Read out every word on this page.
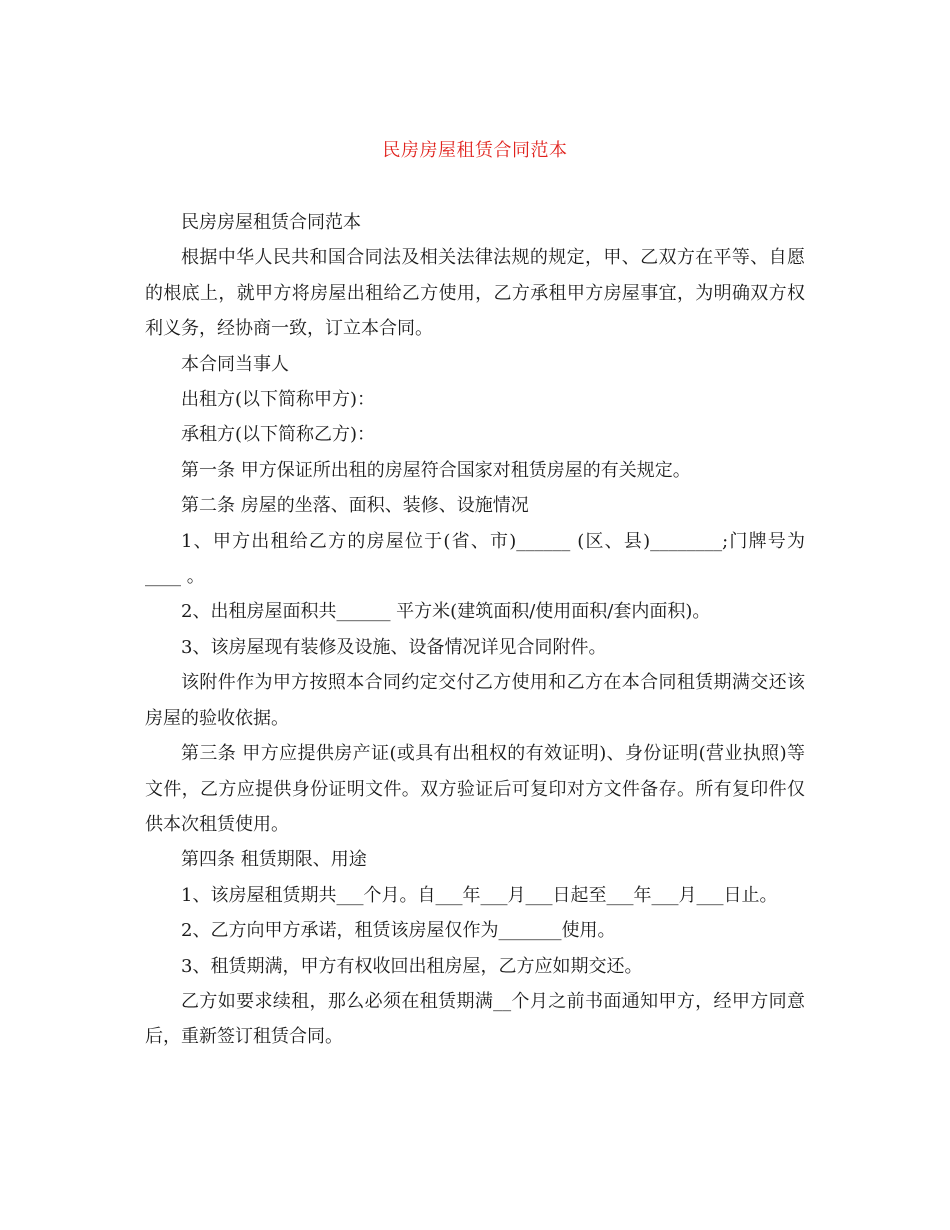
民房房屋租赁合同范本

民房房屋租赁合同范本

根据中华人民共和国合同法及相关法律法规的规定，甲、乙双方在平等、自愿的根底上，就甲方将房屋出租给乙方使用，乙方承租甲方房屋事宜，为明确双方权利义务，经协商一致，订立本合同。

本合同当事人

出租方(以下简称甲方)：

承租方(以下简称乙方)：

第一条 甲方保证所出租的房屋符合国家对租赁房屋的有关规定。

第二条 房屋的坐落、面积、装修、设施情况

1、甲方出租给乙方的房屋位于(省、市)______ (区、县)________;门牌号为____ 。

2、出租房屋面积共______ 平方米(建筑面积/使用面积/套内面积)。

3、该房屋现有装修及设施、设备情况详见合同附件。

该附件作为甲方按照本合同约定交付乙方使用和乙方在本合同租赁期满交还该房屋的验收依据。

第三条 甲方应提供房产证(或具有出租权的有效证明)、身份证明(营业执照)等文件，乙方应提供身份证明文件。双方验证后可复印对方文件备存。所有复印件仅供本次租赁使用。

第四条 租赁期限、用途

1、该房屋租赁期共___个月。自___年___月___日起至___年___月___日止。

2、乙方向甲方承诺，租赁该房屋仅作为_______使用。

3、租赁期满，甲方有权收回出租房屋，乙方应如期交还。

乙方如要求续租，那么必须在租赁期满__个月之前书面通知甲方，经甲方同意后，重新签订租赁合同。
